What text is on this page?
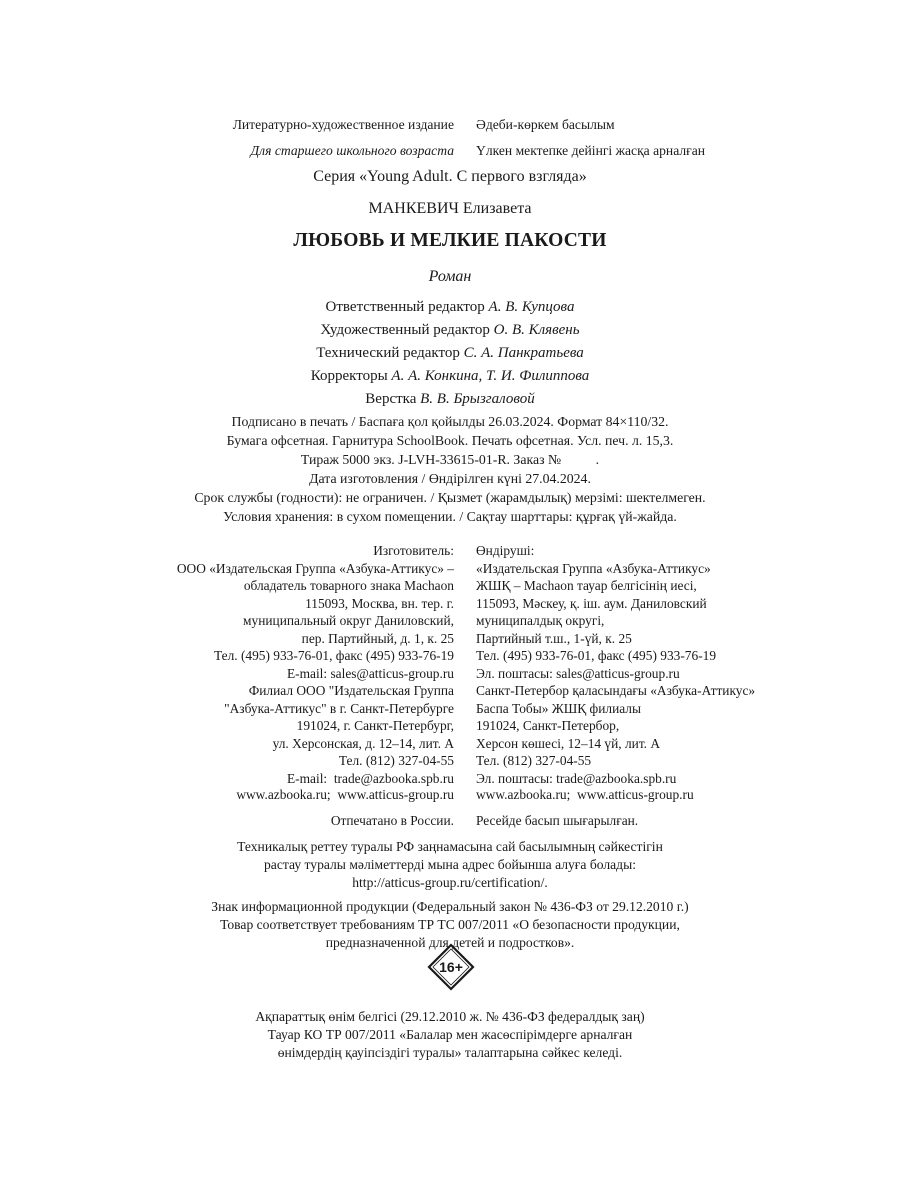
Литературно-художественное издание
Для старшего школьного возраста
Әдеби-көркем басылым
Үлкен мектепке дейінгі жасқа арналған
Серия «Young Adult. С первого взгляда»
МАНКЕВИЧ Елизавета
ЛЮБОВЬ И МЕЛКИЕ ПАКОСТИ
Роман
Ответственный редактор А. В. Купцова
Художественный редактор О. В. Клявень
Технический редактор С. А. Панкратьева
Корректоры А. А. Конкина, Т. И. Филиппова
Верстка В. В. Брызгаловой
Подписано в печать / Баспаға қол қойылды 26.03.2024. Формат 84×110/32.
Бумага офсетная. Гарнитура SchoolBook. Печать офсетная. Усл. печ. л. 15,3.
Тираж 5000 экз. J-LVH-33615-01-R. Заказ №          .
Дата изготовления / Өндірілген күні 27.04.2024.
Срок службы (годности): не ограничен. / Қызмет (жарамдылық) мерзімі: шектелмеген.
Условия хранения: в сухом помещении. / Сақтау шарттары: құрғақ үй-жайда.
Изготовитель:
ООО «Издательская Группа «Азбука-Аттикус» –
обладатель товарного знака Machaon
115093, Москва, вн. тер. г.
муниципальный округ Даниловский,
пер. Партийный, д. 1, к. 25
Тел. (495) 933-76-01, факс (495) 933-76-19
E-mail: sales@atticus-group.ru
Өндіруші:
«Издательская Группа «Азбука-Аттикус»
ЖШҚ – Machaon тауар белгісінің иесі,
115093, Мәскеу, қ. іш. аум. Даниловский
муниципалдық округі,
Партийный т.ш., 1-үй, к. 25
Тел. (495) 933-76-01, факс (495) 933-76-19
Эл. поштасы: sales@atticus-group.ru
Филиал ООО "Издательская Группа
"Азбука-Аттикус" в г. Санкт-Петербурге
191024, г. Санкт-Петербург,
ул. Херсонская, д. 12–14, лит. А
Тел. (812) 327-04-55
E-mail:  trade@azbooka.spb.ru
Санкт-Петербор қаласындағы «Азбука-Аттикус»
Баспа Тобы» ЖШҚ филиалы
191024, Санкт-Петербор,
Херсон көшесі, 12–14 үй, лит. А
Тел. (812) 327-04-55
Эл. поштасы: trade@azbooka.spb.ru
www.azbooka.ru;  www.atticus-group.ru www.azbooka.ru;  www.atticus-group.ru
Отпечатано в России. Ресейде басып шығарылған.
Техникалық реттеу туралы РФ заңнамасына сай басылымның сәйкестігін
растау туралы мәліметтерді мына адрес бойынша алуға болады:
http://atticus-group.ru/certification/.
Знак информационной продукции (Федеральный закон № 436-ФЗ от 29.12.2010 г.)
Товар соответствует требованиям ТР ТС 007/2011 «О безопасности продукции,
предназначенной для детей и подростков».
16+
Ақпараттық өнім белгісі (29.12.2010 ж. № 436-ФЗ федералдық заң)
Тауар КО ТР 007/2011 «Балалар мен жасөспірімдерге арналған
өнімдердің қауіпсіздігі туралы» талаптарына сәйкес келеді.
